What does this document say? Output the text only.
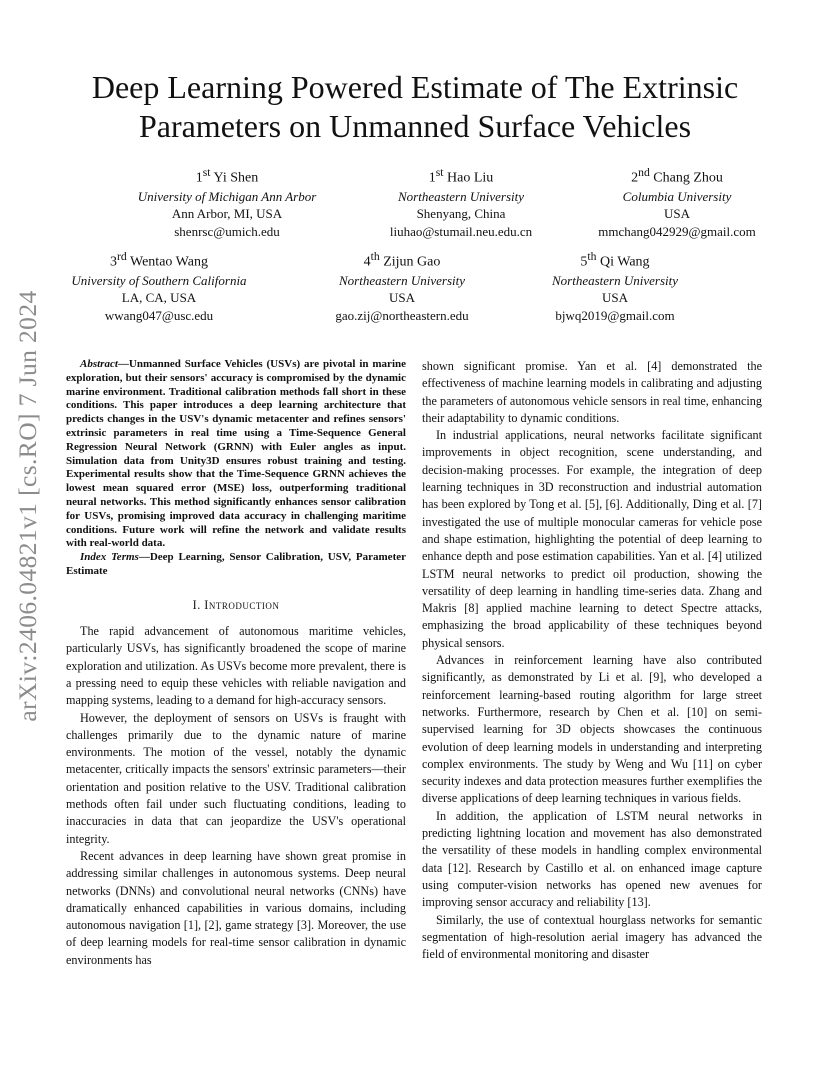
arXiv:2406.04821v1 [cs.RO] 7 Jun 2024
Deep Learning Powered Estimate of The Extrinsic
Parameters on Unmanned Surface Vehicles
1st Yi Shen
University of Michigan Ann Arbor
Ann Arbor, MI, USA
shenrsc@umich.edu
1st Hao Liu
Northeastern University
Shenyang, China
liuhao@stumail.neu.edu.cn
2nd Chang Zhou
Columbia University
USA
mmchang042929@gmail.com
3rd Wentao Wang
University of Southern California
LA, CA, USA
wwang047@usc.edu
4th Zijun Gao
Northeastern University
USA
gao.zij@northeastern.edu
5th Qi Wang
Northeastern University
USA
bjwq2019@gmail.com

Abstract—Unmanned Surface Vehicles (USVs) are pivotal in marine exploration, but their sensors' accuracy is compromised by the dynamic marine environment. Traditional calibration methods fall short in these conditions. This paper introduces a deep learning architecture that predicts changes in the USV's dynamic metacenter and refines sensors' extrinsic parameters in real time using a Time-Sequence General Regression Neural Network (GRNN) with Euler angles as input. Simulation data from Unity3D ensures robust training and testing. Experimental results show that the Time-Sequence GRNN achieves the lowest mean squared error (MSE) loss, outperforming traditional neural networks. This method significantly enhances sensor calibration for USVs, promising improved data accuracy in challenging maritime conditions. Future work will refine the network and validate results with real-world data.

Index Terms—Deep Learning, Sensor Calibration, USV, Parameter Estimate

I. Introduction

The rapid advancement of autonomous maritime vehicles, particularly USVs, has significantly broadened the scope of marine exploration and utilization. As USVs become more prevalent, there is a pressing need to equip these vehicles with reliable navigation and mapping systems, leading to a demand for high-accuracy sensors.

However, the deployment of sensors on USVs is fraught with challenges primarily due to the dynamic nature of marine environments. The motion of the vessel, notably the dynamic metacenter, critically impacts the sensors' extrinsic parameters—their orientation and position relative to the USV. Traditional calibration methods often fail under such fluctuating conditions, leading to inaccuracies in data that can jeopardize the USV's operational integrity.

Recent advances in deep learning have shown great promise in addressing similar challenges in autonomous systems. Deep neural networks (DNNs) and convolutional neural networks (CNNs) have dramatically enhanced capabilities in various domains, including autonomous navigation [1], [2], game strategy [3]. Moreover, the use of deep learning models for real-time sensor calibration in dynamic environments has

shown significant promise. Yan et al. [4] demonstrated the effectiveness of machine learning models in calibrating and adjusting the parameters of autonomous vehicle sensors in real time, enhancing their adaptability to dynamic conditions.

In industrial applications, neural networks facilitate significant improvements in object recognition, scene understanding, and decision-making processes. For example, the integration of deep learning techniques in 3D reconstruction and industrial automation has been explored by Tong et al. [5], [6]. Additionally, Ding et al. [7] investigated the use of multiple monocular cameras for vehicle pose and shape estimation, highlighting the potential of deep learning to enhance depth and pose estimation capabilities. Yan et al. [4] utilized LSTM neural networks to predict oil production, showing the versatility of deep learning in handling time-series data. Zhang and Makris [8] applied machine learning to detect Spectre attacks, emphasizing the broad applicability of these techniques beyond physical sensors.

Advances in reinforcement learning have also contributed significantly, as demonstrated by Li et al. [9], who developed a reinforcement learning-based routing algorithm for large street networks. Furthermore, research by Chen et al. [10] on semi-supervised learning for 3D objects showcases the continuous evolution of deep learning models in understanding and interpreting complex environments. The study by Weng and Wu [11] on cyber security indexes and data protection measures further exemplifies the diverse applications of deep learning techniques in various fields.

In addition, the application of LSTM neural networks in predicting lightning location and movement has also demonstrated the versatility of these models in handling complex environmental data [12]. Research by Castillo et al. on enhanced image capture using computer-vision networks has opened new avenues for improving sensor accuracy and reliability [13].

Similarly, the use of contextual hourglass networks for semantic segmentation of high-resolution aerial imagery has advanced the field of environmental monitoring and disaster
